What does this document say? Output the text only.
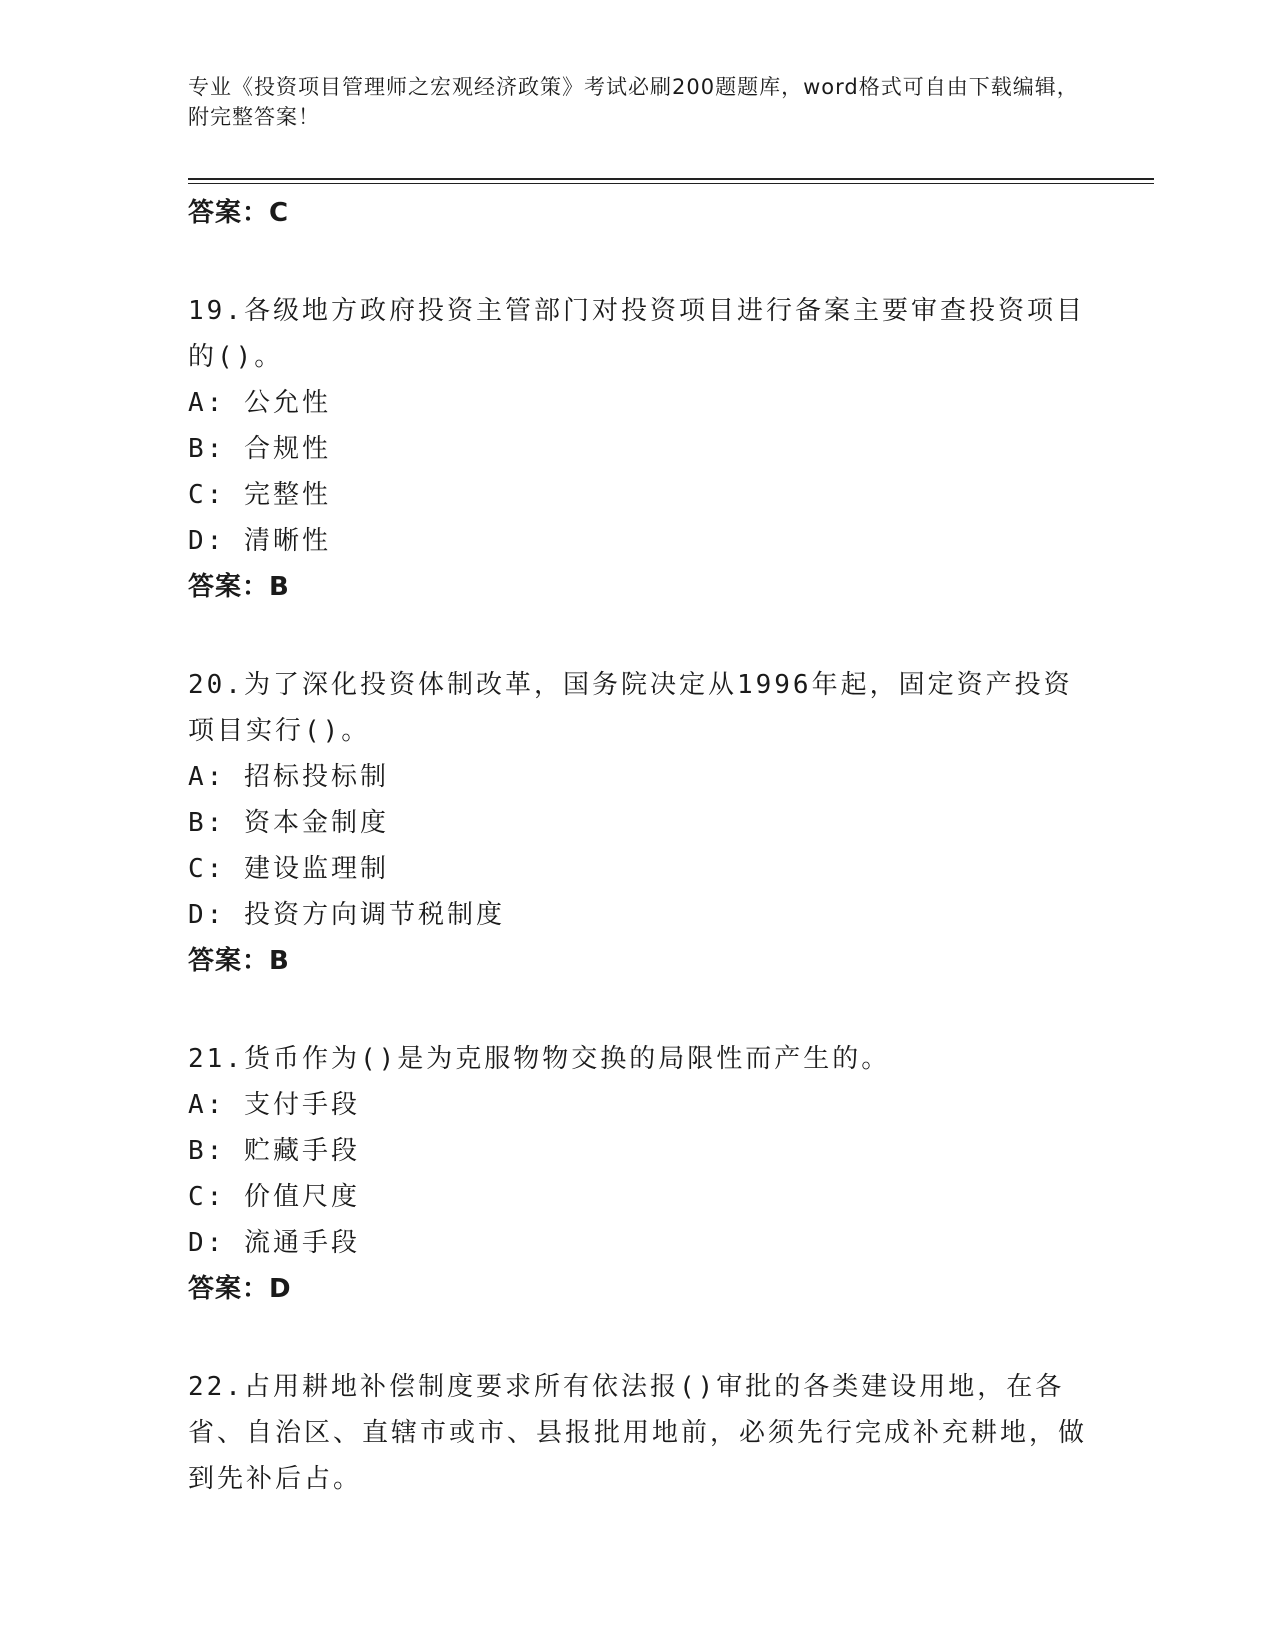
专业《投资项目管理师之宏观经济政策》考试必刷200题题库，word格式可自由下载编辑，附完整答案！

答案：C

19.各级地方政府投资主管部门对投资项目进行备案主要审查投资项目的()。

A: 公允性

B: 合规性

C: 完整性

D: 清晰性

答案：B

20.为了深化投资体制改革，国务院决定从1996年起，固定资产投资项目实行()。

A: 招标投标制

B: 资本金制度

C: 建设监理制

D: 投资方向调节税制度

答案：B

21.货币作为()是为克服物物交换的局限性而产生的。

A: 支付手段

B: 贮藏手段

C: 价值尺度

D: 流通手段

答案：D

22.占用耕地补偿制度要求所有依法报()审批的各类建设用地，在各省、自治区、直辖市或市、县报批用地前，必须先行完成补充耕地，做到先补后占。
